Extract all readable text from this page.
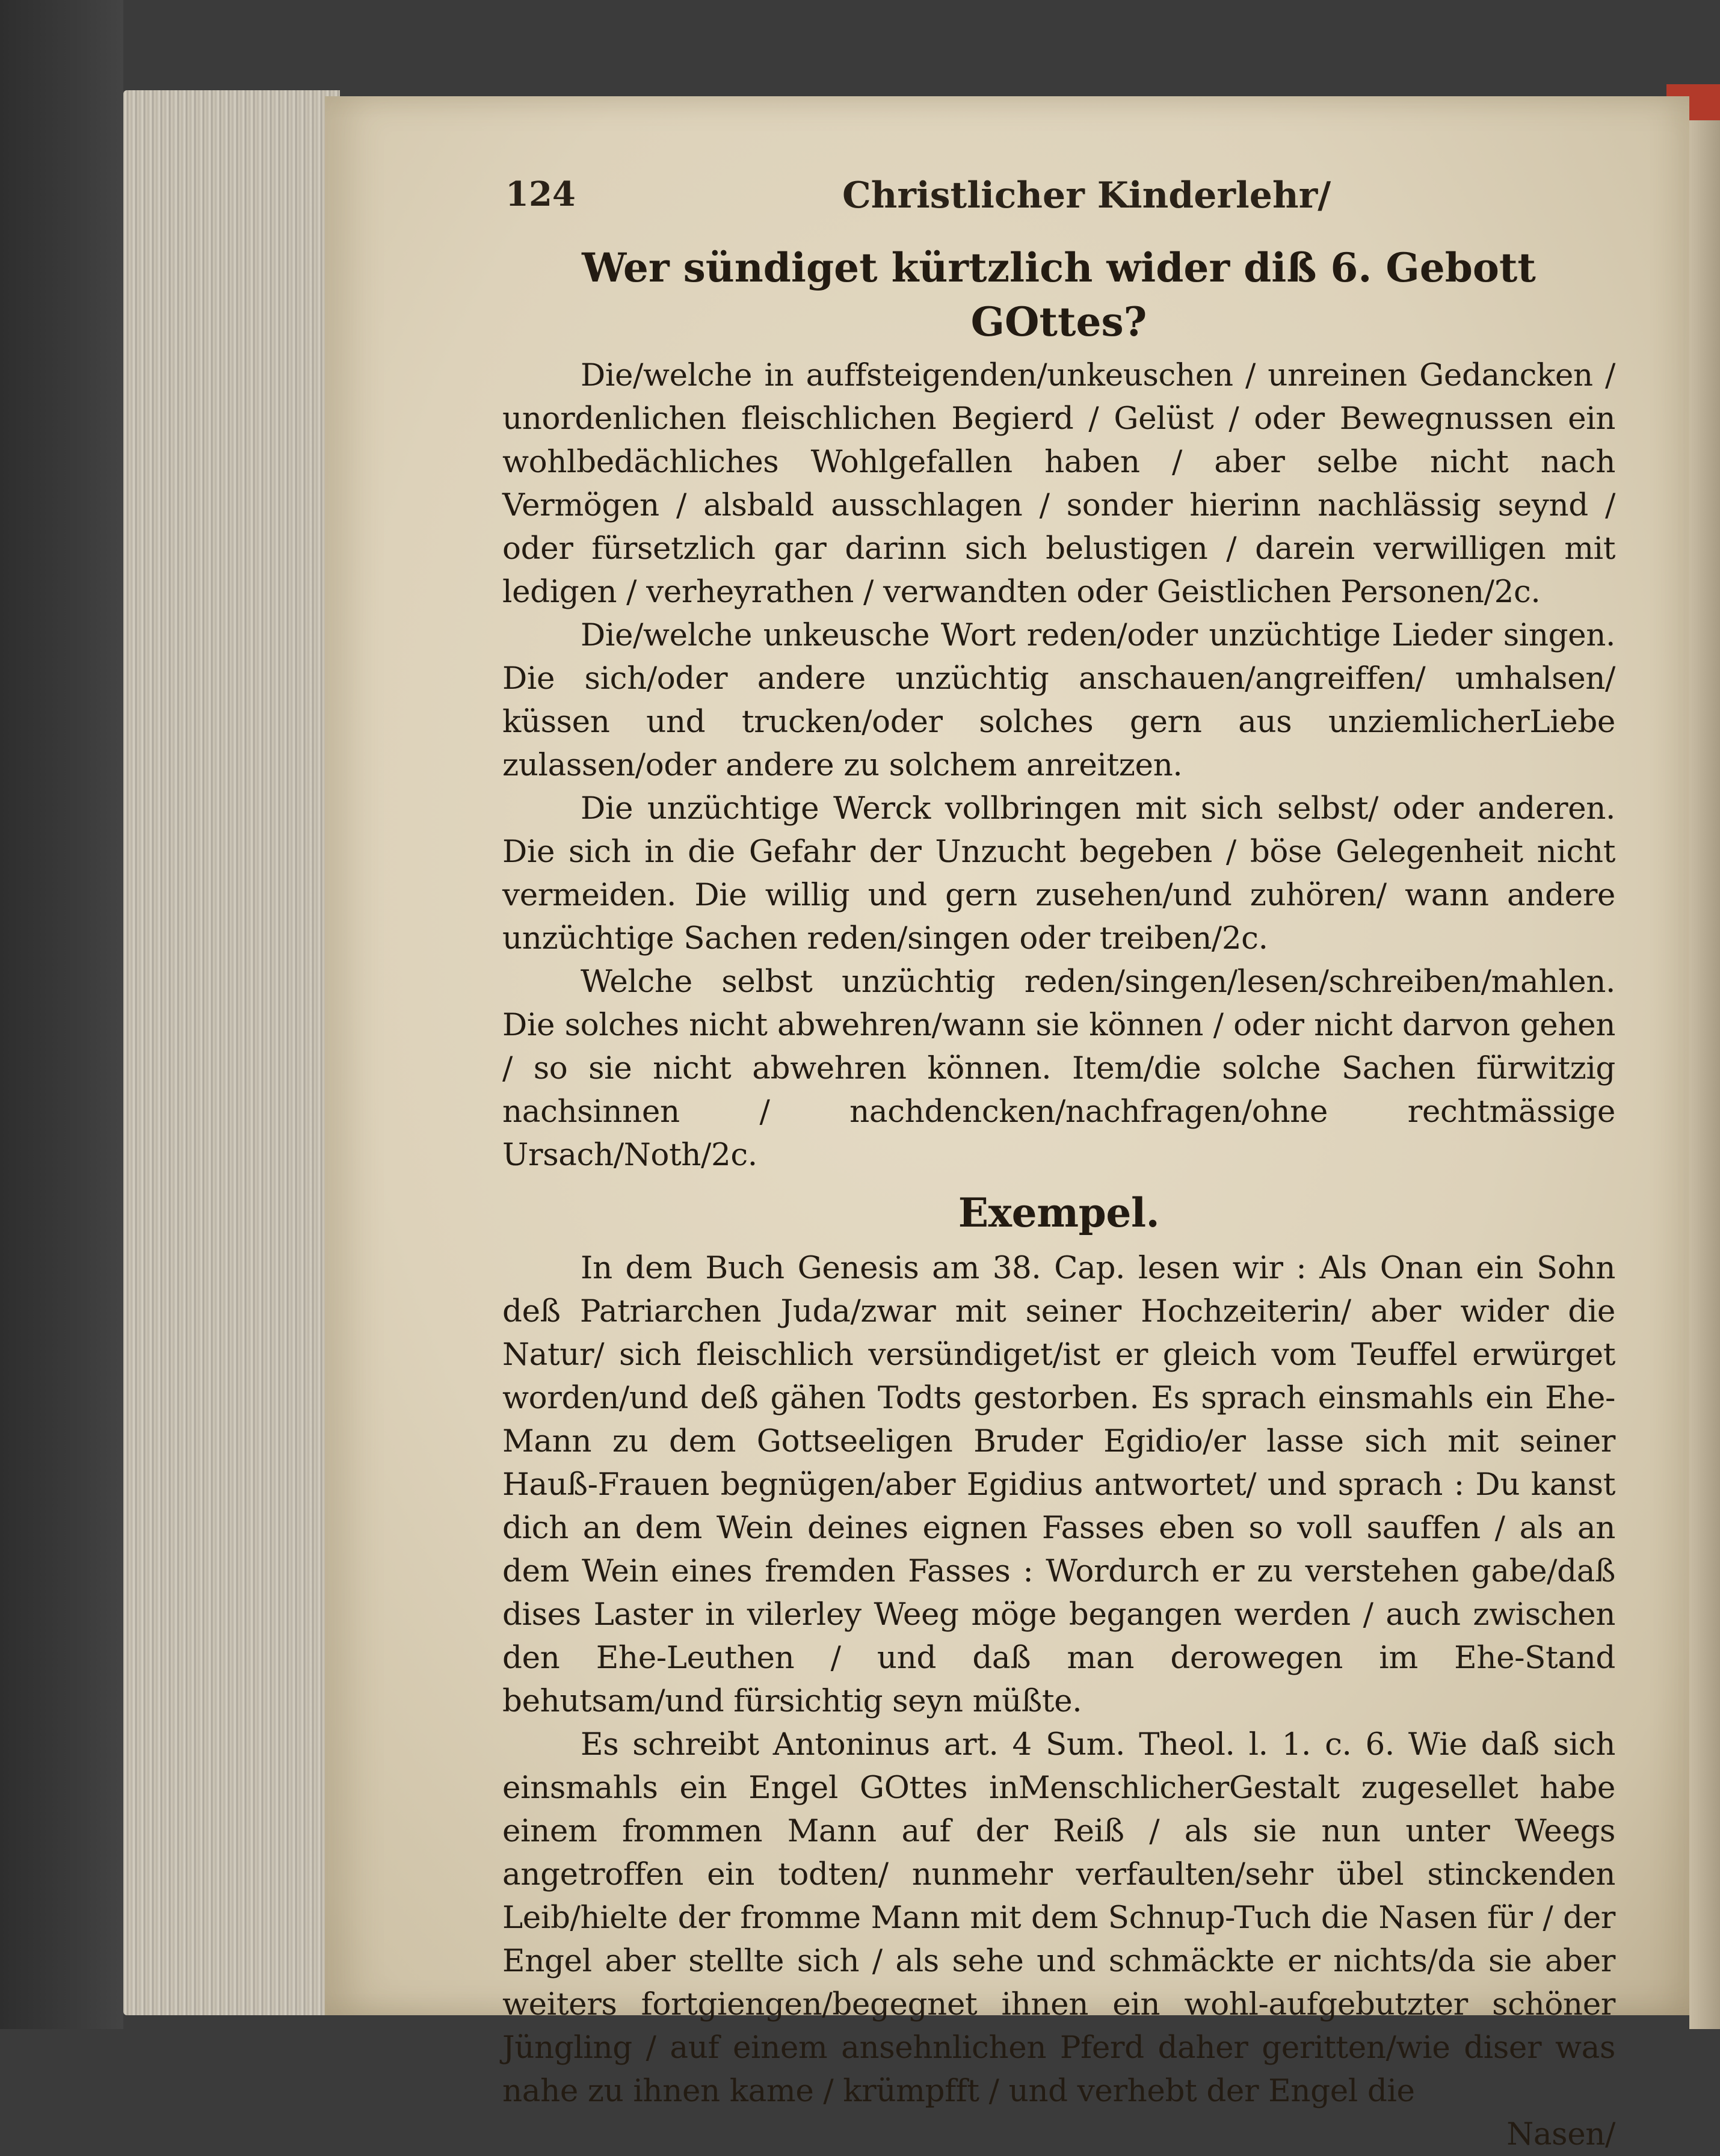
124	Christlicher Kinderlehr/

Wer sündiget kürtzlich wider diß 6. Gebott GOttes?

Die/welche in auffsteigenden/unkeuschen / unreinen Gedancken / unordenlichen fleischlichen Begierd / Gelüst / oder Bewegnussen ein wohlbedächliches Wohlgefallen haben / aber selbe nicht nach Vermögen / alsbald ausschlagen / sonder hierinn nachlässig seynd / oder fürsetzlich gar darinn sich belustigen / darein verwilligen mit ledigen / verheyrathen / verwandten oder Geistlichen Personen/2c.

Die/welche unkeusche Wort reden/oder unzüchtige Lieder singen. Die sich/oder andere unzüchtig anschauen/angreiffen/ umhalsen/ küssen und trucken/oder solches gern aus unziemlicherLiebe zulassen/oder andere zu solchem anreitzen.

Die unzüchtige Werck vollbringen mit sich selbst/ oder anderen. Die sich in die Gefahr der Unzucht begeben / böse Gelegenheit nicht vermeiden. Die willig und gern zusehen/und zuhören/ wann andere unzüchtige Sachen reden/singen oder treiben/2c.

Welche selbst unzüchtig reden/singen/lesen/schreiben/mahlen. Die solches nicht abwehren/wann sie können / oder nicht darvon gehen / so sie nicht abwehren können. Item/die solche Sachen fürwitzig nachsinnen / nachdencken/nachfragen/ohne rechtmässige Ursach/Noth/2c.

Exempel.

In dem Buch Genesis am 38. Cap. lesen wir : Als Onan ein Sohn deß Patriarchen Juda/zwar mit seiner Hochzeiterin/ aber wider die Natur/ sich fleischlich versündiget/ist er gleich vom Teuffel erwürget worden/und deß gähen Todts gestorben. Es sprach einsmahls ein Ehe-Mann zu dem Gottseeligen Bruder Egidio/er lasse sich mit seiner Hauß-Frauen begnügen/aber Egidius antwortet/ und sprach : Du kanst dich an dem Wein deines eignen Fasses eben so voll sauffen / als an dem Wein eines fremden Fasses : Wordurch er zu verstehen gabe/daß dises Laster in vilerley Weeg möge begangen werden / auch zwischen den Ehe-Leuthen / und daß man derowegen im Ehe-Stand behutsam/und fürsichtig seyn müßte.

Es schreibt Antoninus art. 4 Sum. Theol. l. 1. c. 6. Wie daß sich einsmahls ein Engel GOttes inMenschlicherGestalt zugesellet habe einem frommen Mann auf der Reiß / als sie nun unter Weegs angetroffen ein todten/ nunmehr verfaulten/sehr übel stinckenden Leib/hielte der fromme Mann mit dem Schnup-Tuch die Nasen für / der Engel aber stellte sich / als sehe und schmäckte er nichts/da sie aber weiters fortgiengen/begegnet ihnen ein wohl-aufgebutzter schöner Jüngling / auf einem ansehnlichen Pferd daher geritten/wie diser was nahe zu ihnen kame / krümpfft / und verhebt der Engel die

Nasen/
